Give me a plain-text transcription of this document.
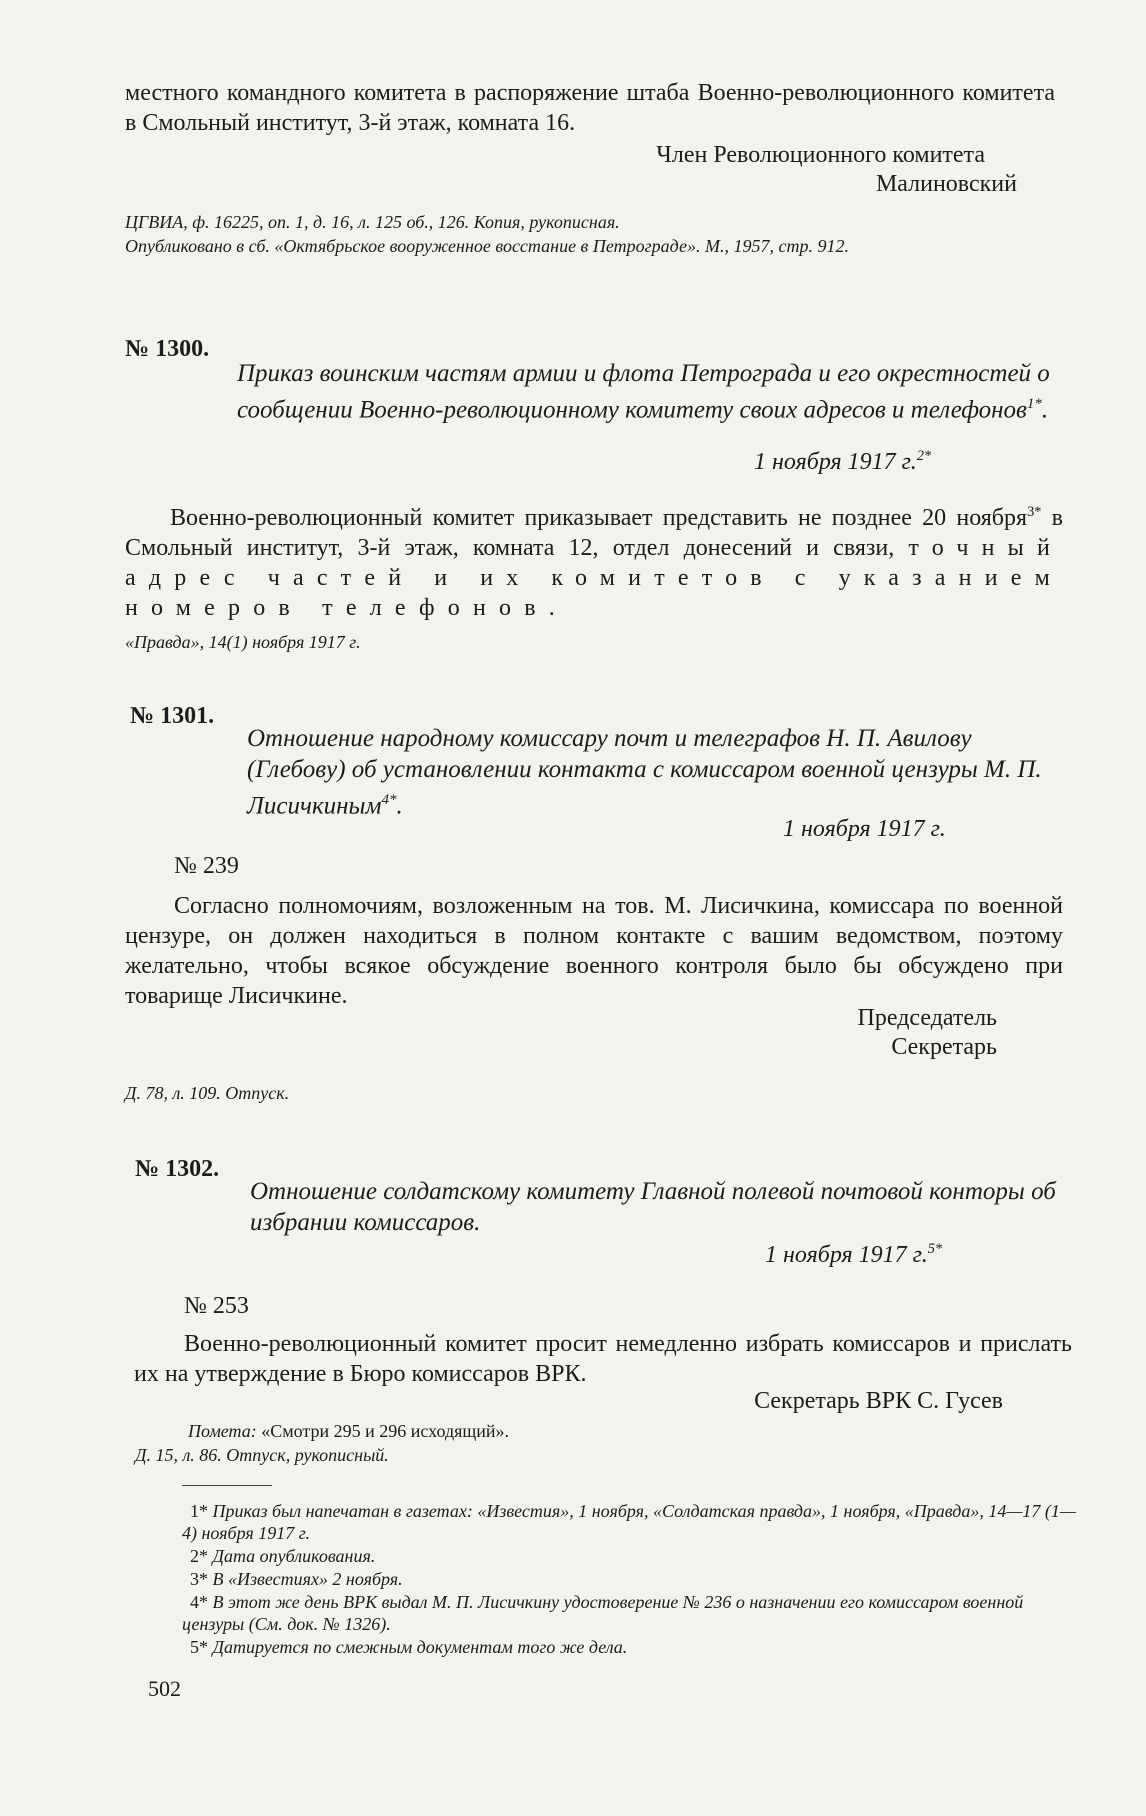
местного командного комитета в распоряжение штаба Военно-революционного комитета в Смольный институт, 3-й этаж, комната 16.

Член Революционного комитета

Малиновский

ЦГВИА, ф. 16225, оп. 1, д. 16, л. 125 об., 126. Копия, рукописная.

Опубликовано в сб. «Октябрьское вооруженное восстание в Петрограде». М., 1957, стр. 912.

№ 1300.

Приказ воинским частям армии и флота Петрограда и его окрестностей о сообщении Военно-революционному комитету своих адресов и телефонов$^{1*}$.

1 ноября 1917 г.$^{2*}$

Военно-революционный комитет приказывает представить не позднее 20 ноября$^{3*}$ в Смольный институт, 3-й этаж, комната 12, отдел донесений и связи, точный адрес частей и их комитетов с указанием номеров телефонов.

«Правда», 14(1) ноября 1917 г.

№ 1301.

Отношение народному комиссару почт и телеграфов Н. П. Авилову (Глебову) об установлении контакта с комиссаром военной цензуры М. П. Лисичкиным$^{4*}$.

1 ноября 1917 г.
№ 239

Согласно полномочиям, возложенным на тов. М. Лисичкина, комиссара по военной цензуре, он должен находиться в полном контакте с вашим ведомством, поэтому желательно, чтобы всякое обсуждение военного контроля было бы обсуждено при товарище Лисичкине.

Председатель

Секретарь

Д. 78, л. 109. Отпуск.

№ 1302.

Отношение солдатскому комитету Главной полевой почтовой конторы об избрании комиссаров.

1 ноября 1917 г.$^{5*}$
№ 253

Военно-революционный комитет просит немедленно избрать комиссаров и прислать их на утверждение в Бюро комиссаров ВРК.

Секретарь ВРК С. Гусев

Помета: «Смотри 295 и 296 исходящий».

Д. 15, л. 86. Отпуск, рукописный.

1* Приказ был напечатан в газетах: «Известия», 1 ноября, «Солдатская правда», 1 ноября, «Правда», 14—17 (1—4) ноября 1917 г.

2* Дата опубликования.

3* В «Известиях» 2 ноября.

4* В этот же день ВРК выдал М. П. Лисичкину удостоверение № 236 о назначении его комиссаром военной цензуры (См. док. № 1326).

5* Датируется по смежным документам того же дела.

502
